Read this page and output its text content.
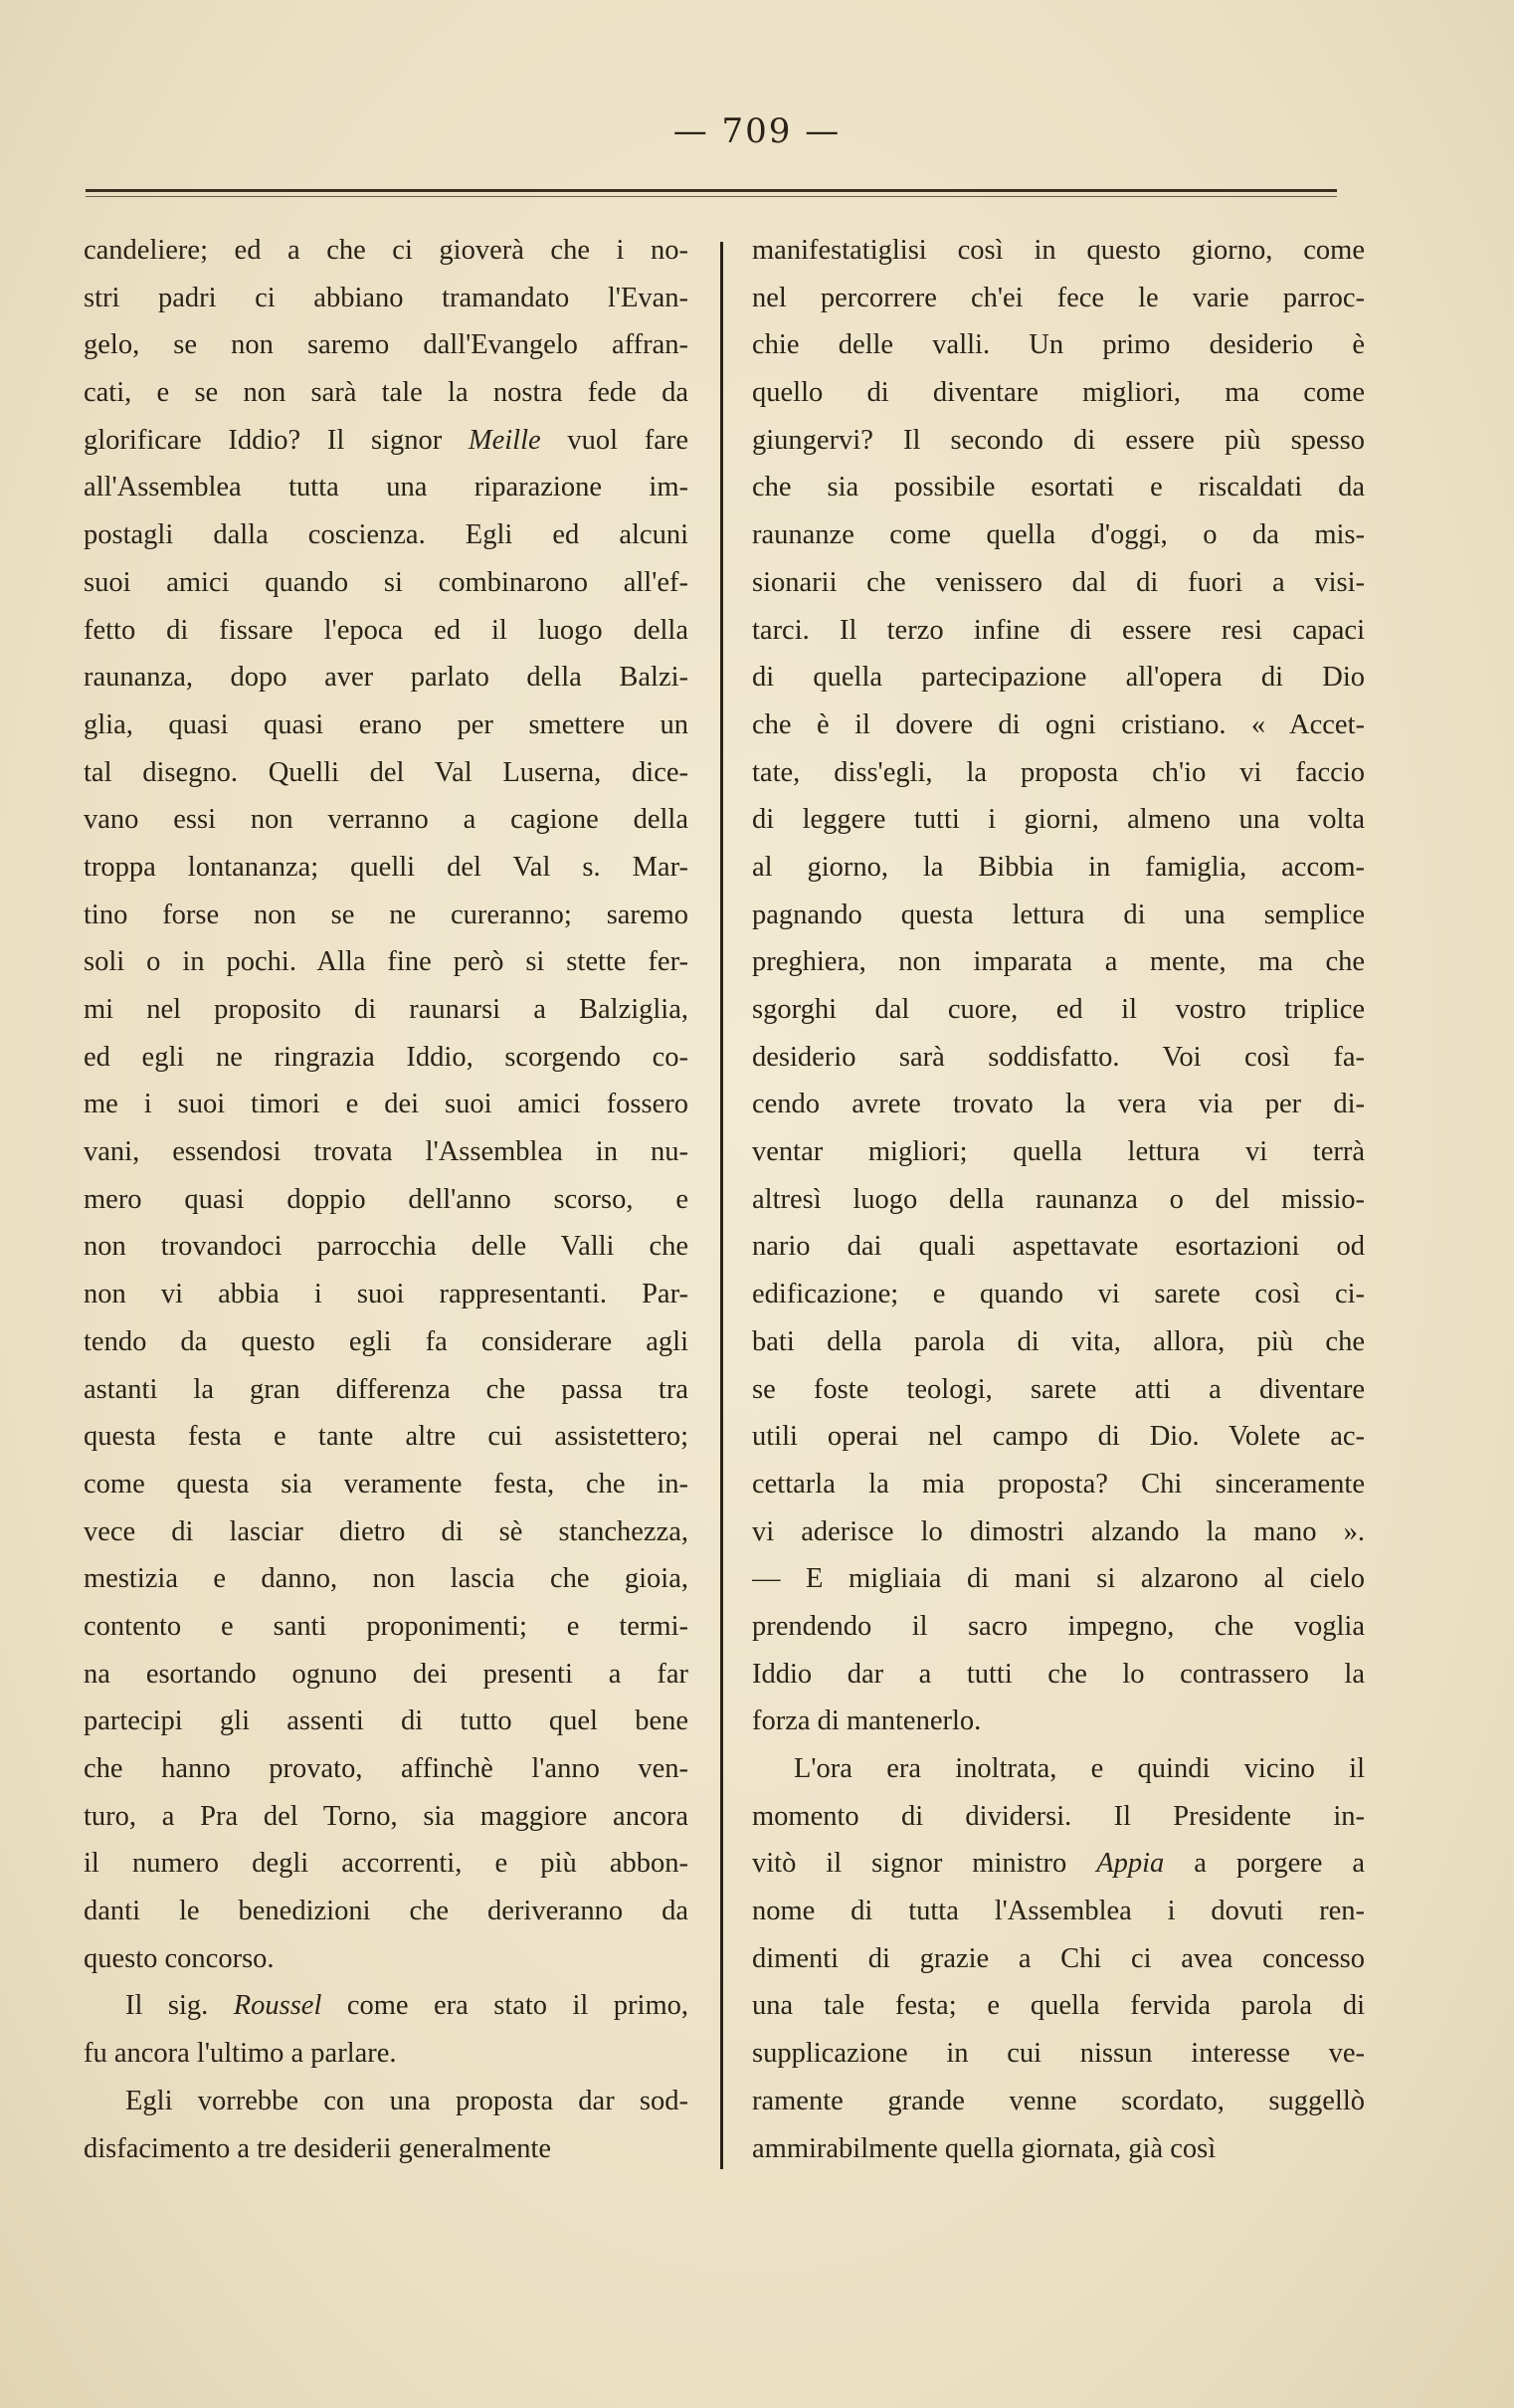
— 709 —
candeliere; ed a che ci gioverà che i no-
stri padri ci abbiano tramandato l'Evan-
gelo, se non saremo dall'Evangelo affran-
cati, e se non sarà tale la nostra fede da
glorificare Iddio? Il signor Meille vuol fare
all'Assemblea tutta una riparazione im-
postagli dalla coscienza. Egli ed alcuni
suoi amici quando si combinarono all'ef-
fetto di fissare l'epoca ed il luogo della
raunanza, dopo aver parlato della Balzi-
glia, quasi quasi erano per smettere un
tal disegno. Quelli del Val Luserna, dice-
vano essi non verranno a cagione della
troppa lontananza; quelli del Val s. Mar-
tino forse non se ne cureranno; saremo
soli o in pochi. Alla fine però si stette fer-
mi nel proposito di raunarsi a Balziglia,
ed egli ne ringrazia Iddio, scorgendo co-
me i suoi timori e dei suoi amici fossero
vani, essendosi trovata l'Assemblea in nu-
mero quasi doppio dell'anno scorso, e
non trovandoci parrocchia delle Valli che
non vi abbia i suoi rappresentanti. Par-
tendo da questo egli fa considerare agli
astanti la gran differenza che passa tra
questa festa e tante altre cui assistettero;
come questa sia veramente festa, che in-
vece di lasciar dietro di sè stanchezza,
mestizia e danno, non lascia che gioia,
contento e santi proponimenti; e termi-
na esortando ognuno dei presenti a far
partecipi gli assenti di tutto quel bene
che hanno provato, affinchè l'anno ven-
turo, a Pra del Torno, sia maggiore ancora
il numero degli accorrenti, e più abbon-
danti le benedizioni che deriveranno da
questo concorso.
Il sig. Roussel come era stato il primo,
fu ancora l'ultimo a parlare.
Egli vorrebbe con una proposta dar sod-
disfacimento a tre desiderii generalmente
manifestatiglisi così in questo giorno, come
nel percorrere ch'ei fece le varie parroc-
chie delle valli. Un primo desiderio è
quello di diventare migliori, ma come
giungervi? Il secondo di essere più spesso
che sia possibile esortati e riscaldati da
raunanze come quella d'oggi, o da mis-
sionarii che venissero dal di fuori a visi-
tarci. Il terzo infine di essere resi capaci
di quella partecipazione all'opera di Dio
che è il dovere di ogni cristiano. « Accet-
tate, diss'egli, la proposta ch'io vi faccio
di leggere tutti i giorni, almeno una volta
al giorno, la Bibbia in famiglia, accom-
pagnando questa lettura di una semplice
preghiera, non imparata a mente, ma che
sgorghi dal cuore, ed il vostro triplice
desiderio sarà soddisfatto. Voi così fa-
cendo avrete trovato la vera via per di-
ventar migliori; quella lettura vi terrà
altresì luogo della raunanza o del missio-
nario dai quali aspettavate esortazioni od
edificazione; e quando vi sarete così ci-
bati della parola di vita, allora, più che
se foste teologi, sarete atti a diventare
utili operai nel campo di Dio. Volete ac-
cettarla la mia proposta? Chi sinceramente
vi aderisce lo dimostri alzando la mano ».
— E migliaia di mani si alzarono al cielo
prendendo il sacro impegno, che voglia
Iddio dar a tutti che lo contrassero la
forza di mantenerlo.
L'ora era inoltrata, e quindi vicino il
momento di dividersi. Il Presidente in-
vitò il signor ministro Appia a porgere a
nome di tutta l'Assemblea i dovuti ren-
dimenti di grazie a Chi ci avea concesso
una tale festa; e quella fervida parola di
supplicazione in cui nissun interesse ve-
ramente grande venne scordato, suggellò
ammirabilmente quella giornata, già così
